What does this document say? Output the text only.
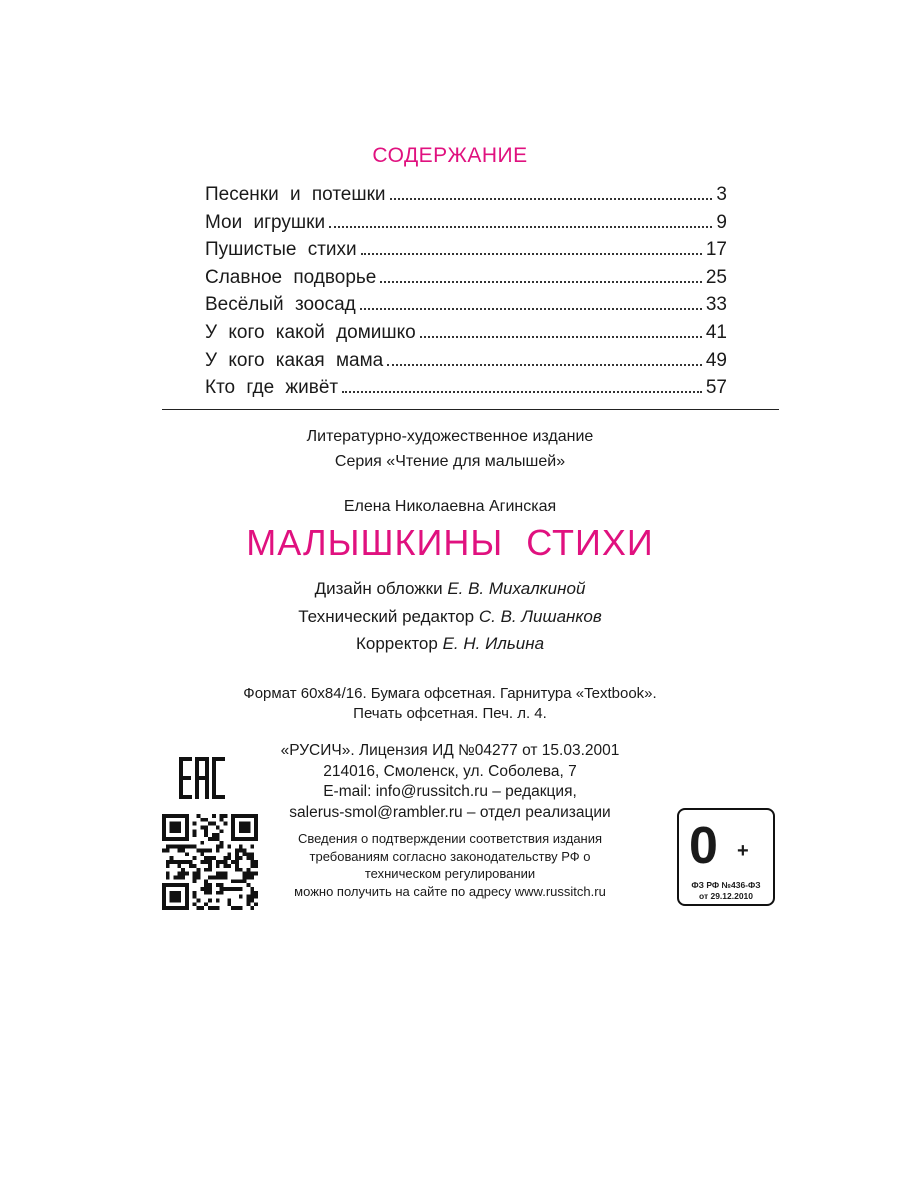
СОДЕРЖАНИЕ
Песенки и потешки	3
Мои игрушки	9
Пушистые стихи	17
Славное подворье	25
Весёлый зоосад	33
У кого какой домишко	41
У кого какая мама	49
Кто где живёт	57
Литературно-художественное издание
Серия «Чтение для малышей»
Елена Николаевна Агинская
МАЛЫШКИНЫ СТИХИ
Дизайн обложки Е. В. Михалкиной
Технический редактор С. В. Лишанков
Корректор Е. Н. Ильина
Формат 60x84/16. Бумага офсетная. Гарнитура «Textbook».
Печать офсетная. Печ. л. 4.
«РУСИЧ». Лицензия ИД №04277 от 15.03.2001
214016, Смоленск, ул. Соболева, 7
E-mail: info@russitch.ru – редакция,
salerus-smol@rambler.ru – отдел реализации
Сведения о подтверждении соответствия издания
требованиям согласно законодательству РФ о
техническом регулировании
можно получить на сайте по адресу www.russitch.ru
0 +
ФЗ РФ №436-ФЗ
от 29.12.2010
